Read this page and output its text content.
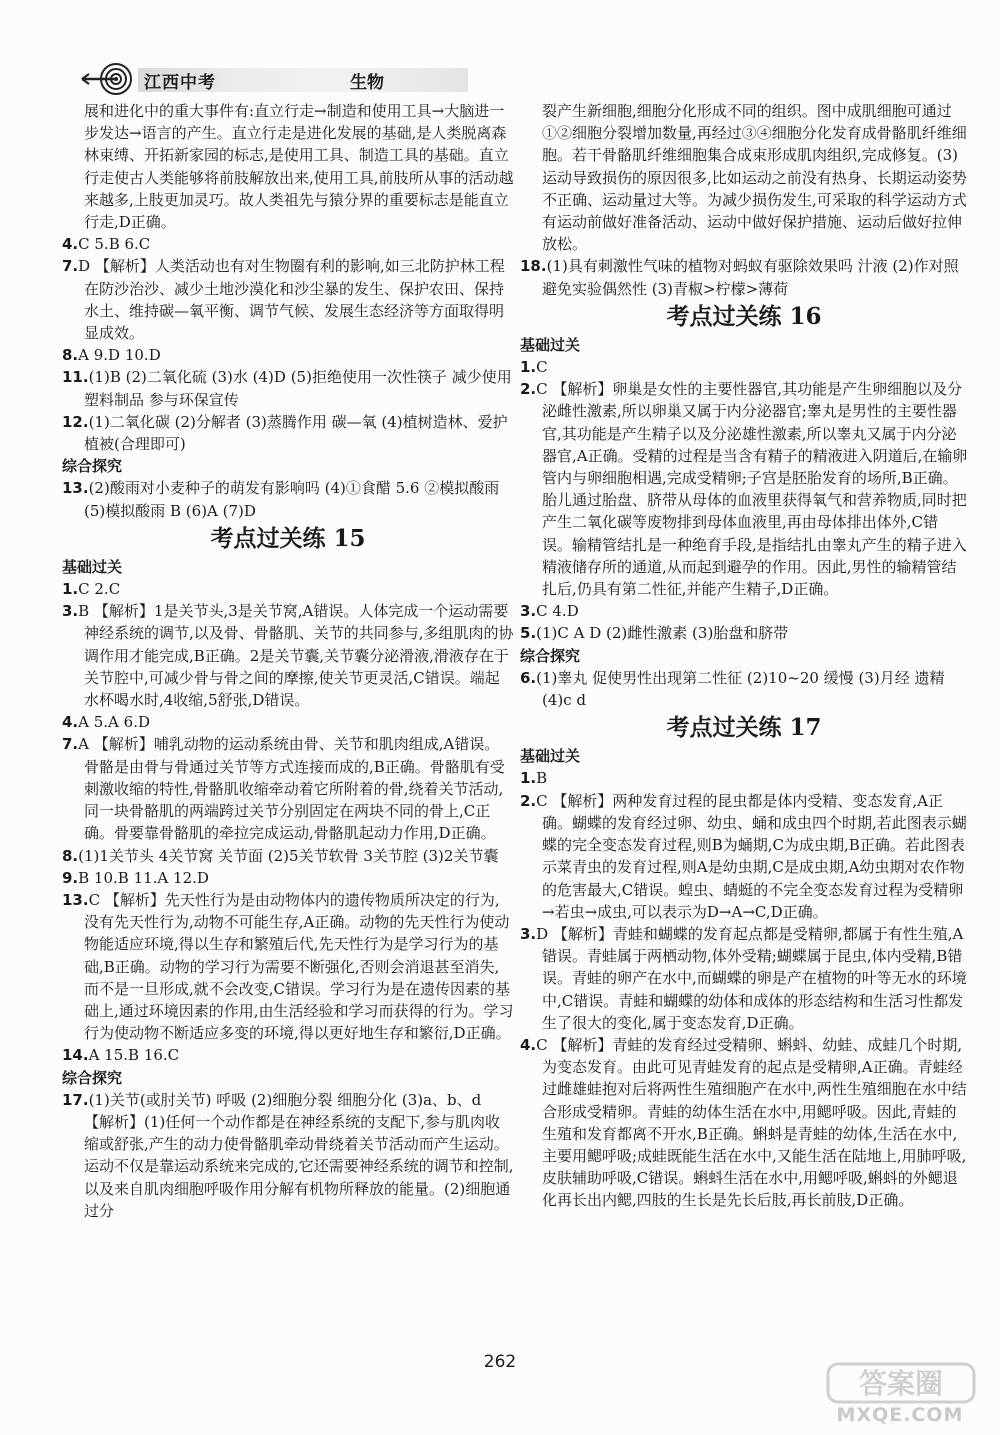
江西中考	生物
展和进化中的重大事件有:直立行走→制造和使用工具→大脑进一步发达→语言的产生。直立行走是进化发展的基础,是人类脱离森林束缚、开拓新家园的标志,是使用工具、制造工具的基础。直立行走使古人类能够将前肢解放出来,使用工具,前肢所从事的活动越来越多,上肢更加灵巧。故人类祖先与猿分界的重要标志是能直立行走,D正确。
4.C 5.B 6.C
7.D 【解析】人类活动也有对生物圈有利的影响,如三北防护林工程在防沙治沙、减少土地沙漠化和沙尘暴的发生、保护农田、保持水土、维持碳—氧平衡、调节气候、发展生态经济等方面取得明显成效。
8.A 9.D 10.D
11.(1)B (2)二氧化硫 (3)水 (4)D (5)拒绝使用一次性筷子 减少使用塑料制品 参与环保宣传
12.(1)二氧化碳 (2)分解者 (3)蒸腾作用 碳—氧 (4)植树造林、爱护植被(合理即可)
综合探究
13.(2)酸雨对小麦种子的萌发有影响吗 (4)①食醋 5.6 ②模拟酸雨 (5)模拟酸雨 B (6)A (7)D
考点过关练 15
基础过关
1.C 2.C
3.B 【解析】1是关节头,3是关节窝,A错误。人体完成一个运动需要神经系统的调节,以及骨、骨骼肌、关节的共同参与,多组肌肉的协调作用才能完成,B正确。2是关节囊,关节囊分泌滑液,滑液存在于关节腔中,可减少骨与骨之间的摩擦,使关节更灵活,C错误。端起水杯喝水时,4收缩,5舒张,D错误。
4.A 5.A 6.D
7.A 【解析】哺乳动物的运动系统由骨、关节和肌肉组成,A错误。骨骼是由骨与骨通过关节等方式连接而成的,B正确。骨骼肌有受刺激收缩的特性,骨骼肌收缩牵动着它所附着的骨,绕着关节活动,同一块骨骼肌的两端跨过关节分别固定在两块不同的骨上,C正确。骨要靠骨骼肌的牵拉完成运动,骨骼肌起动力作用,D正确。
8.(1)1关节头 4关节窝 关节面 (2)5关节软骨 3关节腔 (3)2关节囊
9.B 10.B 11.A 12.D
13.C 【解析】先天性行为是由动物体内的遗传物质所决定的行为,没有先天性行为,动物不可能生存,A正确。动物的先天性行为使动物能适应环境,得以生存和繁殖后代,先天性行为是学习行为的基础,B正确。动物的学习行为需要不断强化,否则会消退甚至消失,而不是一旦形成,就不会改变,C错误。学习行为是在遗传因素的基础上,通过环境因素的作用,由生活经验和学习而获得的行为。学习行为使动物不断适应多变的环境,得以更好地生存和繁衍,D正确。
14.A 15.B 16.C
综合探究
17.(1)关节(或肘关节) 呼吸 (2)细胞分裂 细胞分化 (3)a、b、d 【解析】(1)任何一个动作都是在神经系统的支配下,参与肌肉收缩或舒张,产生的动力使骨骼肌牵动骨绕着关节活动而产生运动。运动不仅是靠运动系统来完成的,它还需要神经系统的调节和控制,以及来自肌肉细胞呼吸作用分解有机物所释放的能量。(2)细胞通过分
裂产生新细胞,细胞分化形成不同的组织。图中成肌细胞可通过①②细胞分裂增加数量,再经过③④细胞分化发育成骨骼肌纤维细胞。若干骨骼肌纤维细胞集合成束形成肌肉组织,完成修复。(3)运动导致损伤的原因很多,比如运动之前没有热身、长期运动姿势不正确、运动量过大等。为减少损伤发生,可采取的科学运动方式有运动前做好准备活动、运动中做好保护措施、运动后做好拉伸放松。
18.(1)具有刺激性气味的植物对蚂蚁有驱除效果吗 汁液 (2)作对照 避免实验偶然性 (3)青椒>柠檬>薄荷
考点过关练 16
基础过关
1.C
2.C 【解析】卵巢是女性的主要性器官,其功能是产生卵细胞以及分泌雌性激素,所以卵巢又属于内分泌器官;睾丸是男性的主要性器官,其功能是产生精子以及分泌雄性激素,所以睾丸又属于内分泌器官,A正确。受精的过程是当含有精子的精液进入阴道后,在输卵管内与卵细胞相遇,完成受精卵;子宫是胚胎发育的场所,B正确。胎儿通过胎盘、脐带从母体的血液里获得氧气和营养物质,同时把产生二氧化碳等废物排到母体血液里,再由母体排出体外,C错误。输精管结扎是一种绝育手段,是指结扎由睾丸产生的精子进入精液储存所的通道,从而起到避孕的作用。因此,男性的输精管结扎后,仍具有第二性征,并能产生精子,D正确。
3.C 4.D
5.(1)C A D (2)雌性激素 (3)胎盘和脐带
综合探究
6.(1)睾丸 促使男性出现第二性征 (2)10~20 缓慢 (3)月经 遗精 (4)c d
考点过关练 17
基础过关
1.B
2.C 【解析】两种发育过程的昆虫都是体内受精、变态发育,A正确。蝴蝶的发育经过卵、幼虫、蛹和成虫四个时期,若此图表示蝴蝶的完全变态发育过程,则B为蛹期,C为成虫期,B正确。若此图表示菜青虫的发育过程,则A是幼虫期,C是成虫期,A幼虫期对农作物的危害最大,C错误。蝗虫、蜻蜓的不完全变态发育过程为受精卵→若虫→成虫,可以表示为D→A→C,D正确。
3.D 【解析】青蛙和蝴蝶的发育起点都是受精卵,都属于有性生殖,A错误。青蛙属于两栖动物,体外受精;蝴蝶属于昆虫,体内受精,B错误。青蛙的卵产在水中,而蝴蝶的卵是产在植物的叶等无水的环境中,C错误。青蛙和蝴蝶的幼体和成体的形态结构和生活习性都发生了很大的变化,属于变态发育,D正确。
4.C 【解析】青蛙的发育经过受精卵、蝌蚪、幼蛙、成蛙几个时期,为变态发育。由此可见青蛙发育的起点是受精卵,A正确。青蛙经过雌雄蛙抱对后将两性生殖细胞产在水中,两性生殖细胞在水中结合形成受精卵。青蛙的幼体生活在水中,用鳃呼吸。因此,青蛙的生殖和发育都离不开水,B正确。蝌蚪是青蛙的幼体,生活在水中,主要用鳃呼吸;成蛙既能生活在水中,又能生活在陆地上,用肺呼吸,皮肤辅助呼吸,C错误。蝌蚪生活在水中,用鳃呼吸,蝌蚪的外鳃退化再长出内鳃,四肢的生长是先长后肢,再长前肢,D正确。
262
答案圈
MXQE.COM
